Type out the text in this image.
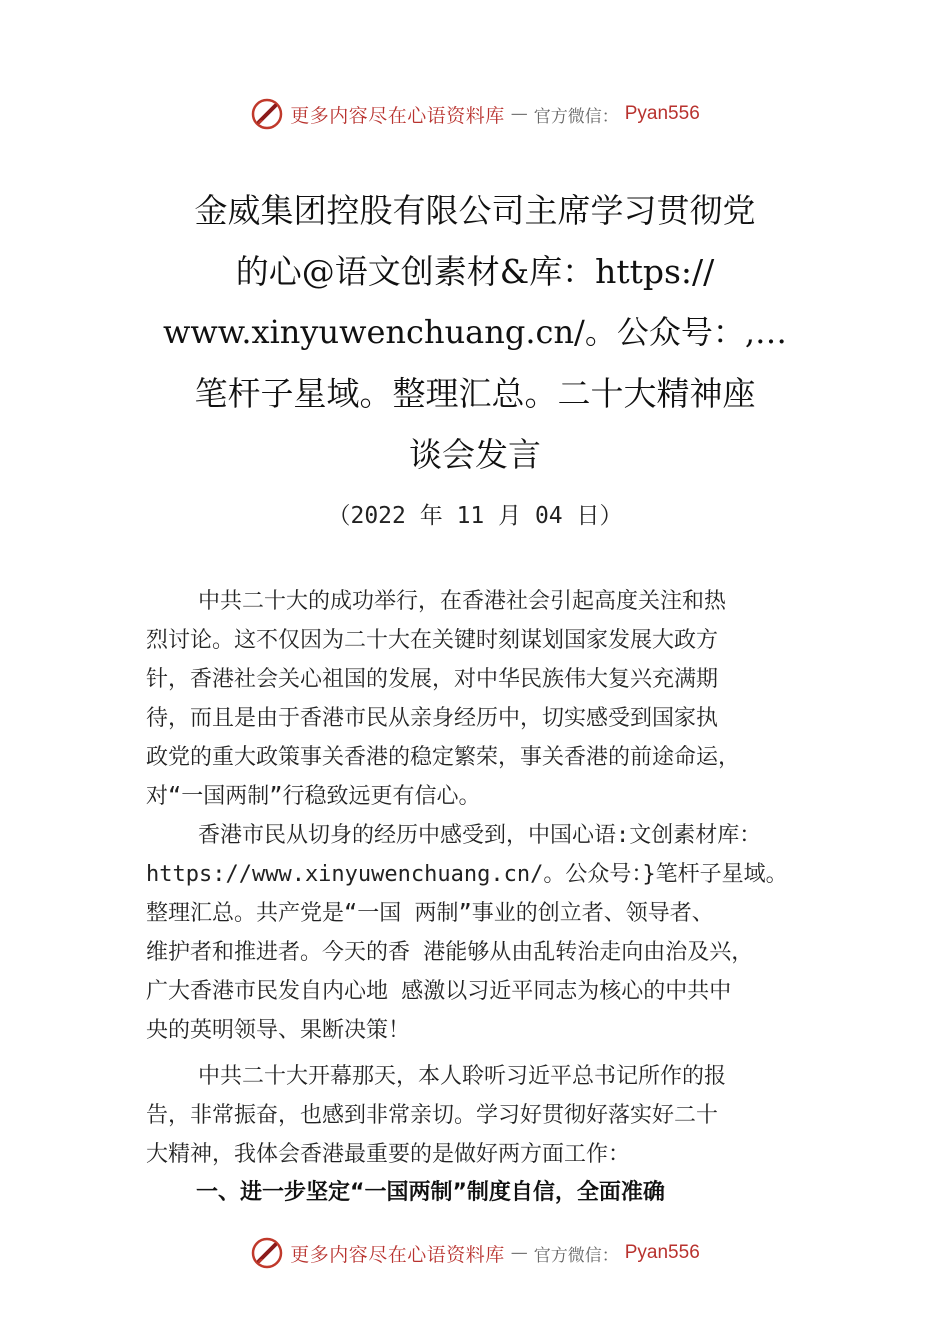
更多内容尽在心语资料库 — 官方微信： Pyan556
金威集团控股有限公司主席学习贯彻党
的心@语文创素材&库：https://
www.xinyuwenchuang.cn/。公众号：,…
笔杆子星域。整理汇总。二十大精神座
谈会发言
（2022 年 11 月 04 日）
中共二十大的成功举行，在香港社会引起高度关注和热
烈讨论。这不仅因为二十大在关键时刻谋划国家发展大政方
针，香港社会关心祖国的发展，对中华民族伟大复兴充满期
待，而且是由于香港市民从亲身经历中，切实感受到国家执
政党的重大政策事关香港的稳定繁荣，事关香港的前途命运，
对“一国两制”行稳致远更有信心。
香港市民从切身的经历中感受到，中国心语:文创素材库：
https://www.xinyuwenchuang.cn/。公众号：}笔杆子星域。
整理汇总。共产党是“一国 两制”事业的创立者、领导者、
维护者和推进者。今天的香 港能够从由乱转治走向由治及兴，
广大香港市民发自内心地 感激以习近平同志为核心的中共中
央的英明领导、果断决策！
中共二十大开幕那天，本人聆听习近平总书记所作的报
告，非常振奋，也感到非常亲切。学习好贯彻好落实好二十
大精神，我体会香港最重要的是做好两方面工作：
一、进一步坚定“一国两制”制度自信，全面准确
更多内容尽在心语资料库 — 官方微信： Pyan556
